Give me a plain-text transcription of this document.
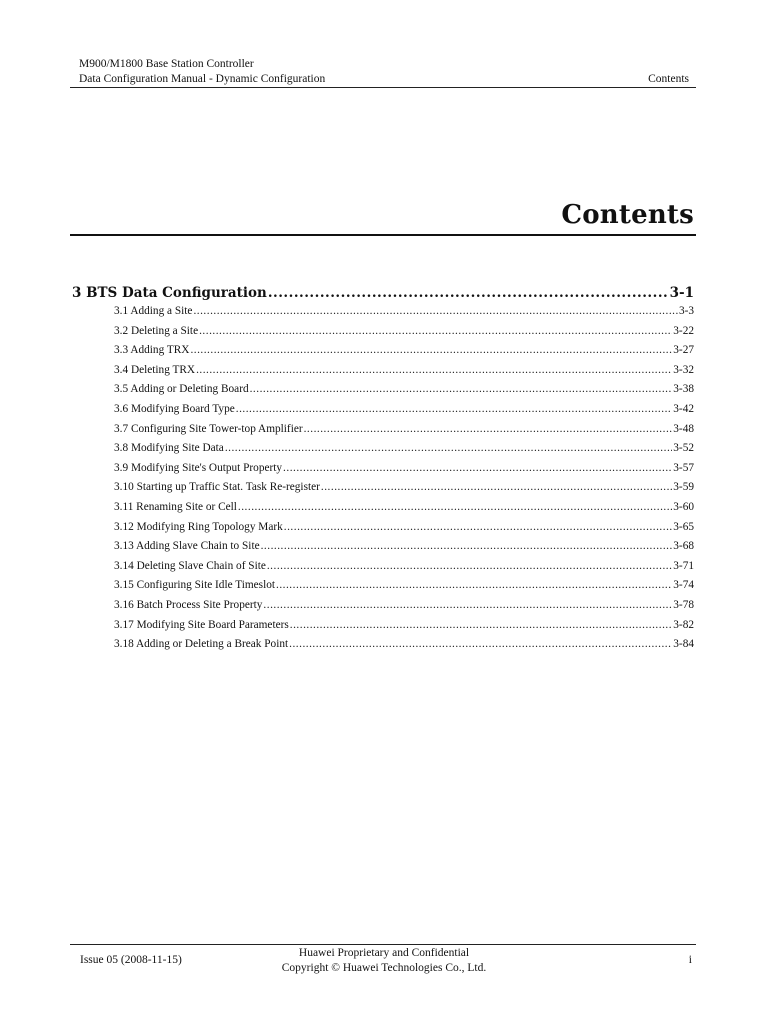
M900/M1800 Base Station Controller
Data Configuration Manual - Dynamic Configuration	Contents
Contents
3 BTS Data Configuration .....	3-1
3.1 Adding a Site .....	3-3
3.2 Deleting a Site .....	3-22
3.3 Adding TRX .....	3-27
3.4 Deleting TRX .....	3-32
3.5 Adding or Deleting Board .....	3-38
3.6 Modifying Board Type .....	3-42
3.7 Configuring Site Tower-top Amplifier .....	3-48
3.8 Modifying Site Data .....	3-52
3.9 Modifying Site's Output Property .....	3-57
3.10 Starting up Traffic Stat. Task Re-register .....	3-59
3.11 Renaming Site or Cell .....	3-60
3.12 Modifying Ring Topology Mark .....	3-65
3.13 Adding Slave Chain to Site .....	3-68
3.14 Deleting Slave Chain of Site .....	3-71
3.15 Configuring Site Idle Timeslot .....	3-74
3.16 Batch Process Site Property .....	3-78
3.17 Modifying Site Board Parameters .....	3-82
3.18 Adding or Deleting a Break Point .....	3-84
Issue 05 (2008-11-15)
Huawei Proprietary and Confidential
Copyright © Huawei Technologies Co., Ltd.
i
